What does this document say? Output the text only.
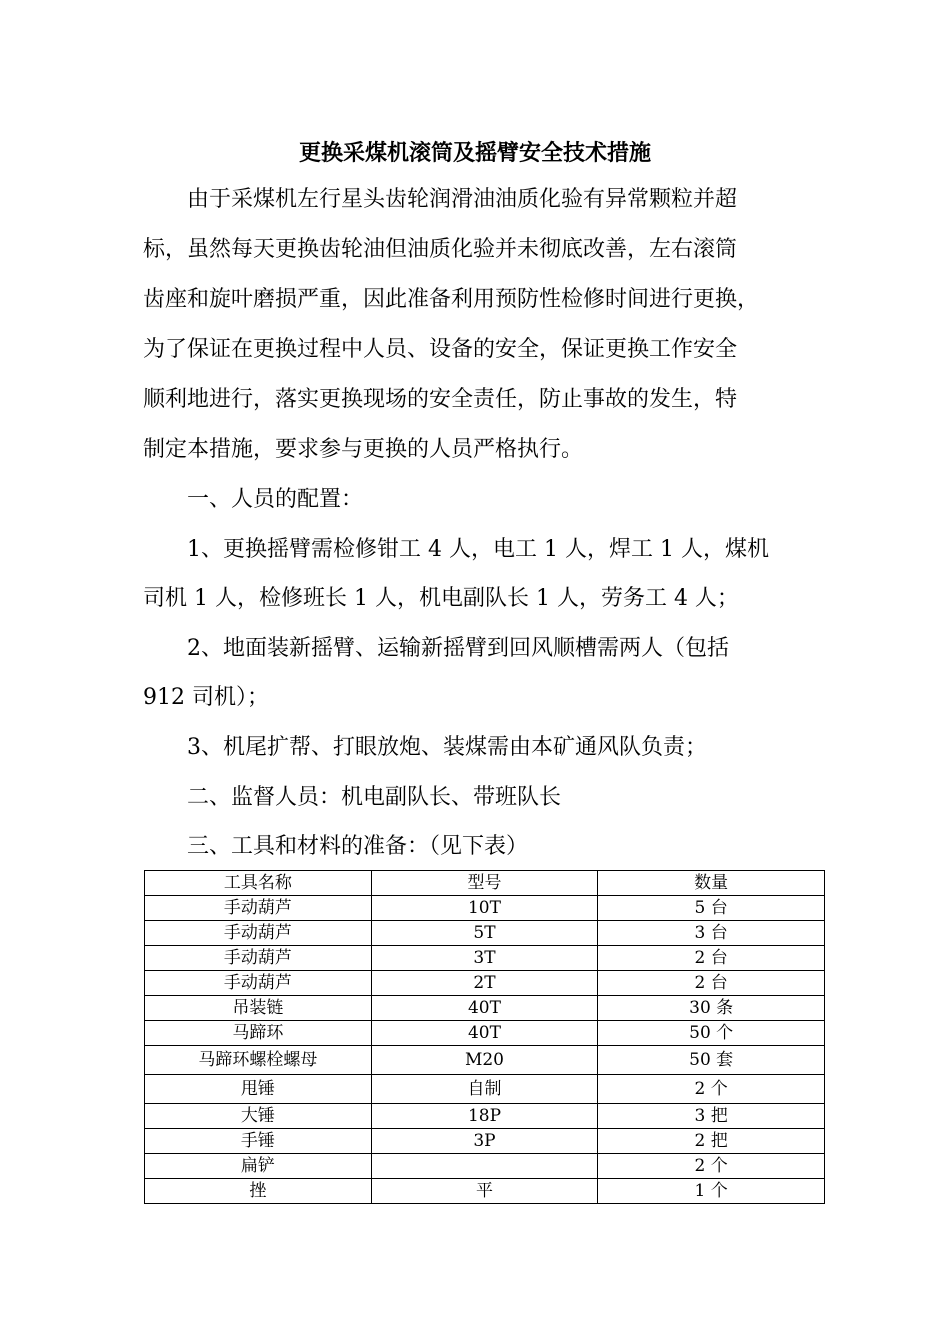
更换采煤机滚筒及摇臂安全技术措施
由于采煤机左行星头齿轮润滑油油质化验有异常颗粒并超
标，虽然每天更换齿轮油但油质化验并未彻底改善，左右滚筒
齿座和旋叶磨损严重，因此准备利用预防性检修时间进行更换，
为了保证在更换过程中人员、设备的安全，保证更换工作安全
顺利地进行，落实更换现场的安全责任，防止事故的发生，特
制定本措施，要求参与更换的人员严格执行。
一、人员的配置：
1、更换摇臂需检修钳工 4 人，电工 1 人，焊工 1 人，煤机
司机 1 人，检修班长 1 人，机电副队长 1 人，劳务工 4 人；
2、地面装新摇臂、运输新摇臂到回风顺槽需两人（包括
912 司机）；
3、机尾扩帮、打眼放炮、装煤需由本矿通风队负责；
二、监督人员：机电副队长、带班队长
三、工具和材料的准备：（见下表）
工具名称	型号	数量
手动葫芦	10T	5 台
手动葫芦	5T	3 台
手动葫芦	3T	2 台
手动葫芦	2T	2 台
吊装链	40T	30 条
马蹄环	40T	50 个
马蹄环螺栓螺母	M20	50 套
甩锤	自制	2 个
大锤	18P	3 把
手锤	3P	2 把
扁铲		2 个
挫	平	1 个
